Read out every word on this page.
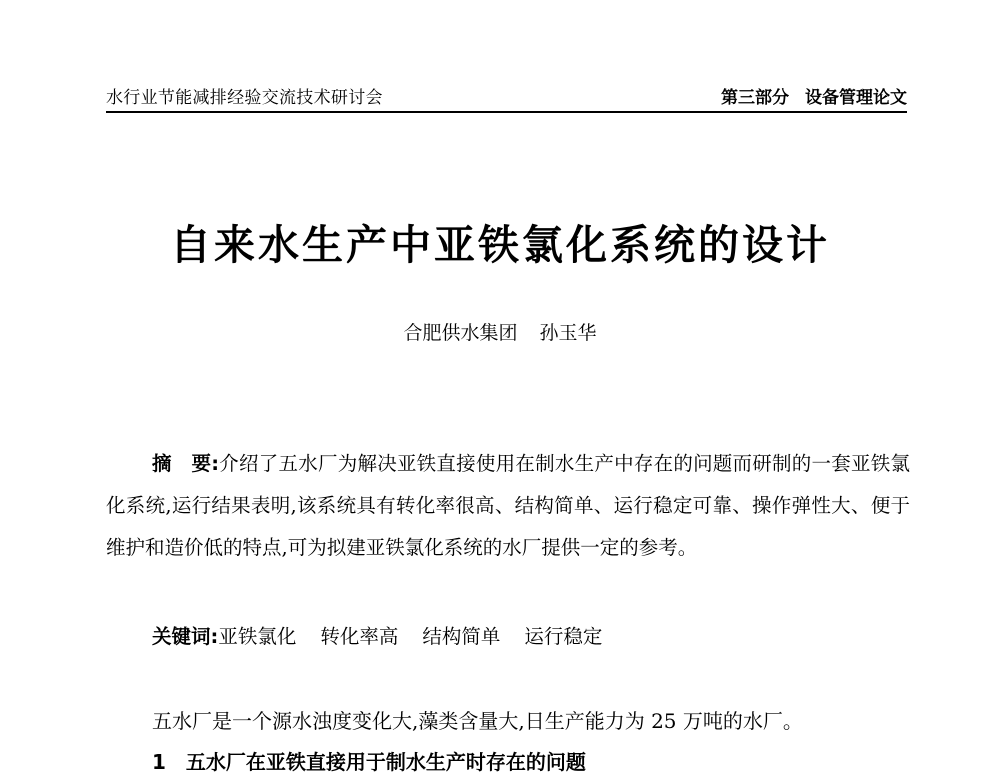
水行业节能减排经验交流技术研讨会	第三部分 设备管理论文
自来水生产中亚铁氯化系统的设计
合肥供水集团 孙玉华

摘　要:介绍了五水厂为解决亚铁直接使用在制水生产中存在的问题而研制的一套亚铁氯化系统,运行结果表明,该系统具有转化率很高、结构简单、运行稳定可靠、操作弹性大、便于维护和造价低的特点,可为拟建亚铁氯化系统的水厂提供一定的参考。

关键词:亚铁氯化 转化率高 结构简单 运行稳定

五水厂是一个源水浊度变化大,藻类含量大,日生产能力为 25 万吨的水厂。

1　五水厂在亚铁直接用于制水生产时存在的问题
